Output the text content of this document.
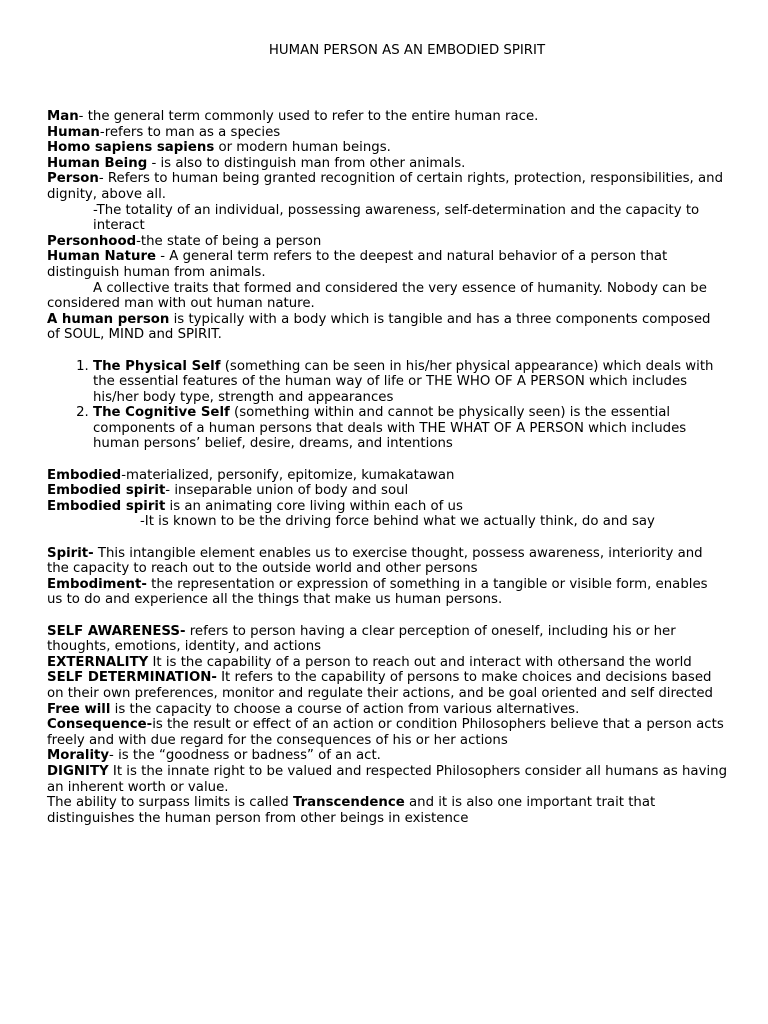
HUMAN PERSON AS AN EMBODIED SPIRIT

Man- the general term commonly used to refer to the entire human race.

Human-refers to man as a species

Homo sapiens sapiens or modern human beings.

Human Being - is also to distinguish man from other animals.

Person- Refers to human being granted recognition of certain rights, protection, responsibilities, and dignity, above all.

-The totality of an individual, possessing awareness, self-determination and the capacity to interact

Personhood-the state of being a person

Human Nature - A general term refers to the deepest and natural behavior of a person that distinguish human from animals.

A collective traits that formed and considered the very essence of humanity. Nobody can be considered man with out human nature.

A human person is typically with a body which is tangible and has a three components composed of SOUL, MIND and SPIRIT.

1. The Physical Self (something can be seen in his/her physical appearance) which deals with the essential features of the human way of life or THE WHO OF A PERSON which includes his/her body type, strength and appearances
2. The Cognitive Self (something within and cannot be physically seen) is the essential components of a human persons that deals with THE WHAT OF A PERSON which includes human persons’ belief, desire, dreams, and intentions

Embodied-materialized, personify, epitomize, kumakatawan

Embodied spirit- inseparable union of body and soul

Embodied spirit is an animating core living within each of us

-It is known to be the driving force behind what we actually think, do and say

Spirit- This intangible element enables us to exercise thought, possess awareness, interiority and the capacity to reach out to the outside world and other persons

Embodiment- the representation or expression of something in a tangible or visible form, enables us to do and experience all the things that make us human persons.

SELF AWARENESS- refers to person having a clear perception of oneself, including his or her thoughts, emotions, identity, and actions

EXTERNALITY It is the capability of a person to reach out and interact with othersand the world

SELF DETERMINATION- It refers to the capability of persons to make choices and decisions based on their own preferences, monitor and regulate their actions, and be goal oriented and self directed

Free will is the capacity to choose a course of action from various alternatives.

Consequence-is the result or effect of an action or condition Philosophers believe that a person acts freely and with due regard for the consequences of his or her actions

Morality- is the “goodness or badness” of an act.

DIGNITY It is the innate right to be valued and respected Philosophers consider all humans as having an inherent worth or value.

The ability to surpass limits is called Transcendence and it is also one important trait that distinguishes the human person from other beings in existence
